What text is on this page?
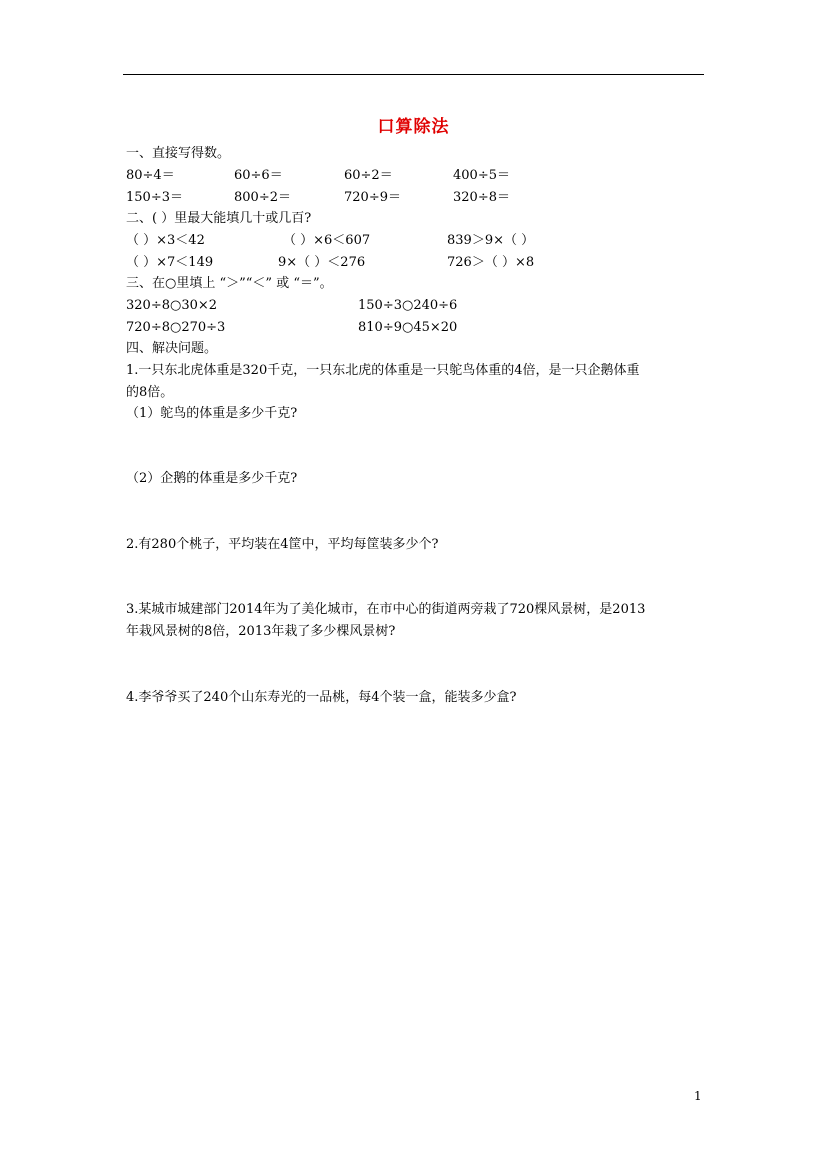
口算除法
一、直接写得数。
80÷4＝	60÷6＝	60÷2＝	400÷5＝
150÷3＝	800÷2＝	720÷9＝	320÷8＝
二、( ）里最大能填几十或几百?
（ ）×3＜42	（ ）×6＜607	839＞9×（ ）
（ ）×7＜149	9×（ ）＜276	726＞（ ）×8
三、在○里填上 “＞”“＜” 或 “＝”。
320÷8○30×2	150÷3○240÷6
720÷8○270÷3	810÷9○45×20
四、解决问题。
1.一只东北虎体重是320千克，一只东北虎的体重是一只鸵鸟体重的4倍，是一只企鹅体重
的8倍。
（1）鸵鸟的体重是多少千克?
（2）企鹅的体重是多少千克?
2.有280个桃子，平均装在4筐中，平均每筐装多少个?
3.某城市城建部门2014年为了美化城市，在市中心的街道两旁栽了720棵风景树，是2013
年栽风景树的8倍，2013年栽了多少棵风景树?
4.李爷爷买了240个山东寿光的一品桃，每4个装一盒，能装多少盒?
1
